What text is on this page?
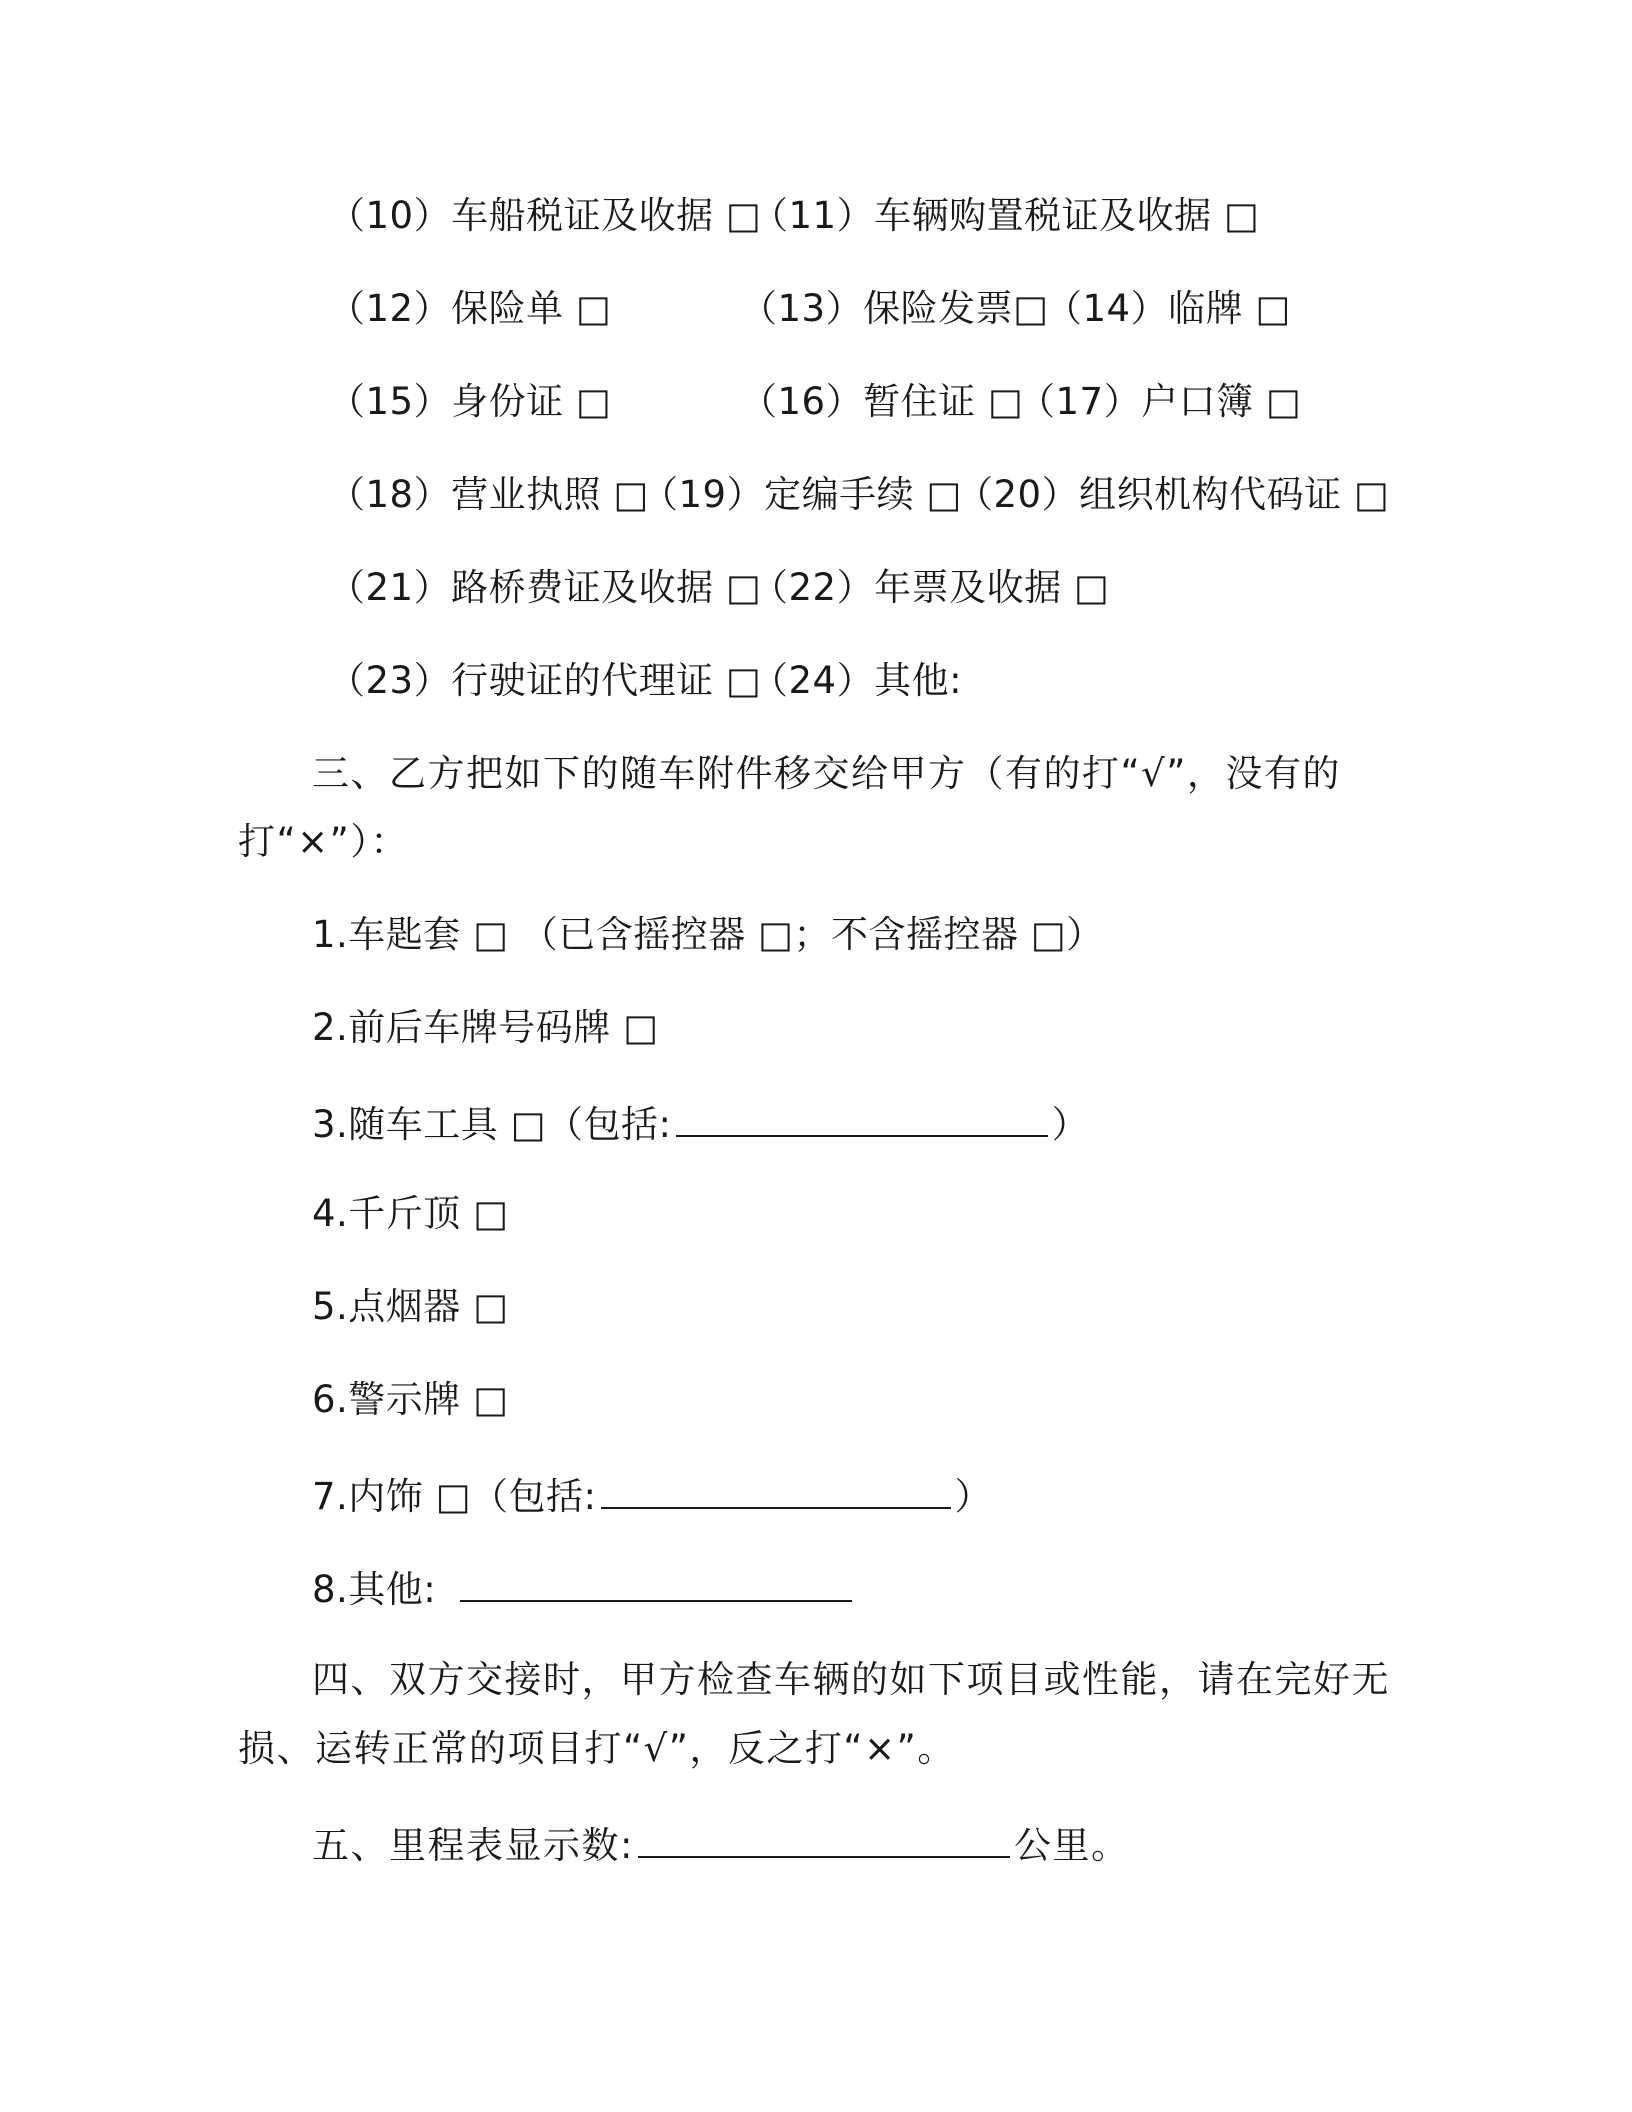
（10）车船税证及收据 □
（11）车辆购置税证及收据 □
（12）保险单 □	（13）保险发票□
（14）临牌 □
（15）身份证 □	（16）暂住证 □
（17）户口簿 □
（18）营业执照 □
（19）定编手续 □
（20）组织机构代码证 □
（21）路桥费证及收据 □
（22）年票及收据 □
（23）行驶证的代理证 □
（24）其他:
三、乙方把如下的随车附件移交给甲方（有的打“√”，没有的
打“×”）：
1.车匙套 □ （已含摇控器 □；不含摇控器 □）
2.前后车牌号码牌 □
3.随车工具 □（包括:	）
4.千斤顶 □
5.点烟器 □
6.警示牌 □
7.内饰 □（包括:	）
8.其他:
四、双方交接时，甲方检查车辆的如下项目或性能，请在完好无
损、运转正常的项目打“√”，反之打“×”。
五、里程表显示数:	公里。
